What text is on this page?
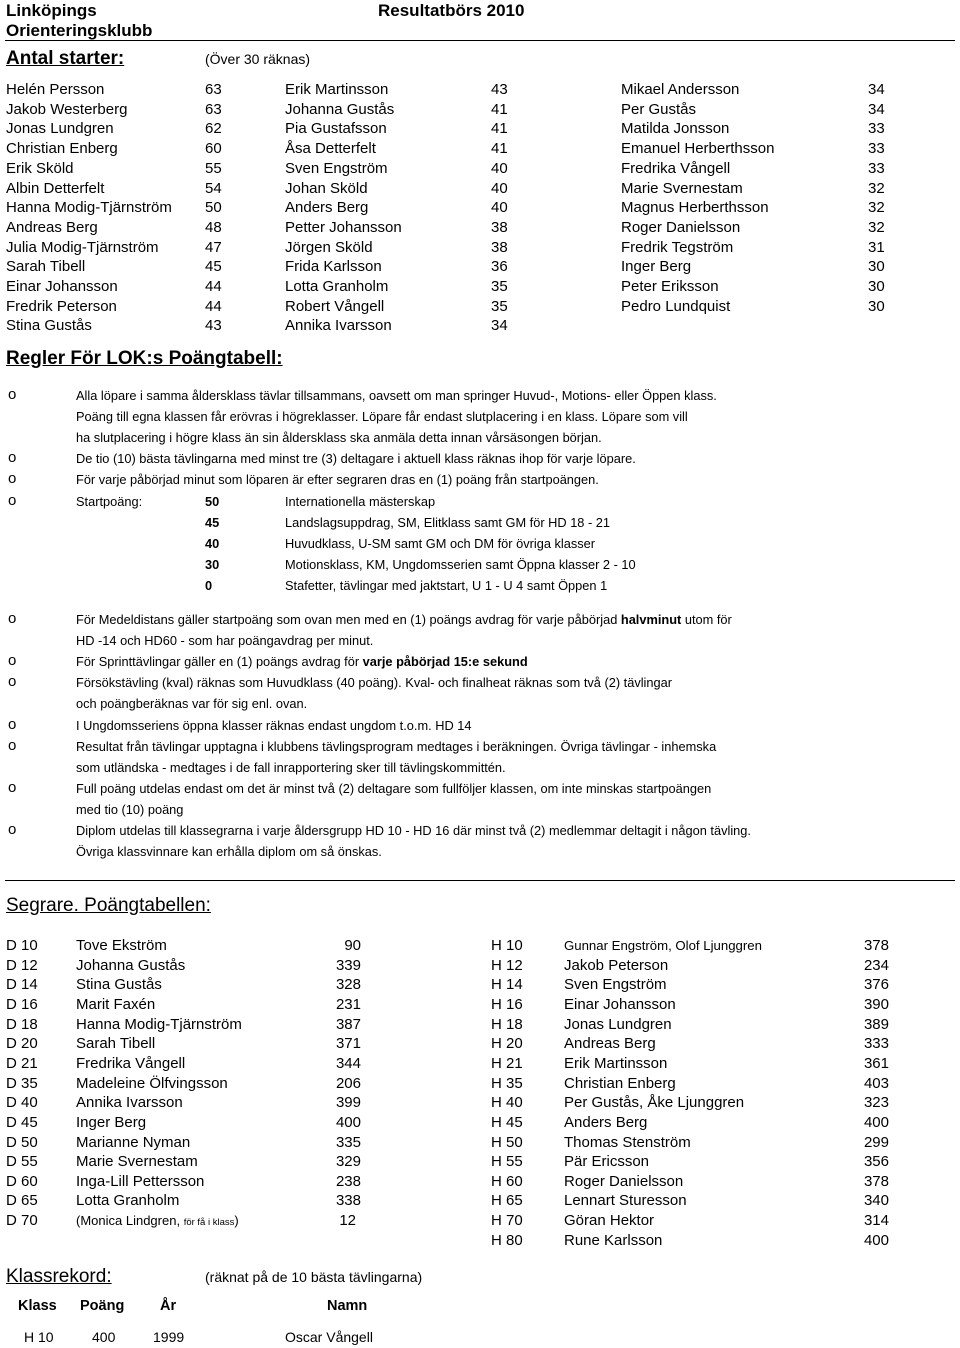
Linköpings Orienteringsklubb
Resultatbörs 2010
Antal starter:	(Över 30 räknas)
Helén Persson	63
Jakob Westerberg	63
Jonas Lundgren	62
Christian Enberg	60
Erik Sköld	55
Albin Detterfelt	54
Hanna Modig-Tjärnström 50
Andreas Berg	48
Julia Modig-Tjärnström	47
Sarah Tibell	45
Einar Johansson	44
Fredrik Peterson	44
Stina Gustås	43
Erik Martinsson	43
Johanna Gustås	41
Pia Gustafsson	41
Åsa Detterfelt	41
Sven Engström	40
Johan Sköld	40
Anders Berg	40
Petter Johansson	38
Jörgen Sköld	38
Frida Karlsson	36
Lotta Granholm	35
Robert Vångell	35
Annika Ivarsson	34
Mikael Andersson	34
Per Gustås	34
Matilda Jonsson	33
Emanuel Herberthsson	33
Fredrika Vångell	33
Marie Svernestam	32
Magnus Herberthsson	32
Roger Danielsson	32
Fredrik Tegström	31
Inger Berg	30
Peter Eriksson	30
Pedro Lundquist	30
Regler För LOK:s Poängtabell:
o	Alla löpare i samma åldersklass tävlar tillsammans, oavsett om man springer Huvud-, Motions- eller Öppen klass.
Poäng till egna klassen får erövras i högreklasser. Löpare får endast slutplacering i en klass. Löpare som vill
ha slutplacering i högre klass än sin åldersklass ska anmäla detta innan vårsäsongen början.
o	De tio (10) bästa tävlingarna med minst tre (3) deltagare i aktuell klass räknas ihop för varje löpare.
o	För varje påbörjad minut som löparen är efter segraren dras en (1) poäng från startpoängen.
o	Startpoäng:	50	Internationella mästerskap
45	Landslagsuppdrag, SM, Elitklass samt GM för HD 18 - 21
40	Huvudklass, U-SM samt GM och DM för övriga klasser
30	Motionsklass, KM, Ungdomsserien samt Öppna klasser 2 - 10
0	Stafetter, tävlingar med jaktstart, U 1 - U 4 samt Öppen 1
o	För Medeldistans gäller startpoäng som ovan men med en (1) poängs avdrag för varje påbörjad halvminut utom för
HD -14 och HD60 - som har poängavdrag per minut.
o	För Sprinttävlingar gäller en (1) poängs avdrag för varje påbörjad 15:e sekund
o	Försökstävling (kval) räknas som Huvudklass (40 poäng). Kval- och finalheat räknas som två (2) tävlingar
och poängberäknas var för sig enl. ovan.
o	I Ungdomsseriens öppna klasser räknas endast ungdom t.o.m. HD 14
o	Resultat från tävlingar upptagna i klubbens tävlingsprogram medtages i beräkningen. Övriga tävlingar - inhemska
som utländska - medtages i de fall inrapportering sker till tävlingskommittén.
o	Full poäng utdelas endast om det är minst två (2) deltagare som fullföljer klassen, om inte minskas startpoängen
med tio (10) poäng
o	Diplom utdelas till klassegrarna i varje åldersgrupp HD 10 - HD 16 där minst två (2) medlemmar deltagit i någon tävling.
Övriga klassvinnare kan erhålla diplom om så önskas.
Segrare. Poängtabellen:
D 10	Tove Ekström	90
D 12	Johanna Gustås	339
D 14	Stina Gustås	328
D 16	Marit Faxén	231
D 18	Hanna Modig-Tjärnström	387
D 20	Sarah Tibell	371
D 21	Fredrika Vångell	344
D 35	Madeleine Ölfvingsson	206
D 40	Annika Ivarsson	399
D 45	Inger Berg	400
D 50	Marianne Nyman	335
D 55	Marie Svernestam	329
D 60	Inga-Lill Pettersson	238
D 65	Lotta Granholm	338
D 70	(Monica Lindgren, för få i klass)	12
H 10	Gunnar Engström, Olof Ljunggren	378
H 12	Jakob Peterson	234
H 14	Sven Engström	376
H 16	Einar Johansson	390
H 18	Jonas Lundgren	389
H 20	Andreas Berg	333
H 21	Erik Martinsson	361
H 35	Christian Enberg	403
H 40	Per Gustås, Åke Ljunggren	323
H 45	Anders Berg	400
H 50	Thomas Stenström	299
H 55	Pär Ericsson	356
H 60	Roger Danielsson	378
H 65	Lennart Sturesson	340
H 70	Göran Hektor	314
H 80	Rune Karlsson	400
Klassrekord:	(räknat på de 10 bästa tävlingarna)
Klass Poäng År	Namn
H 10	400	1999	Oscar Vångell
